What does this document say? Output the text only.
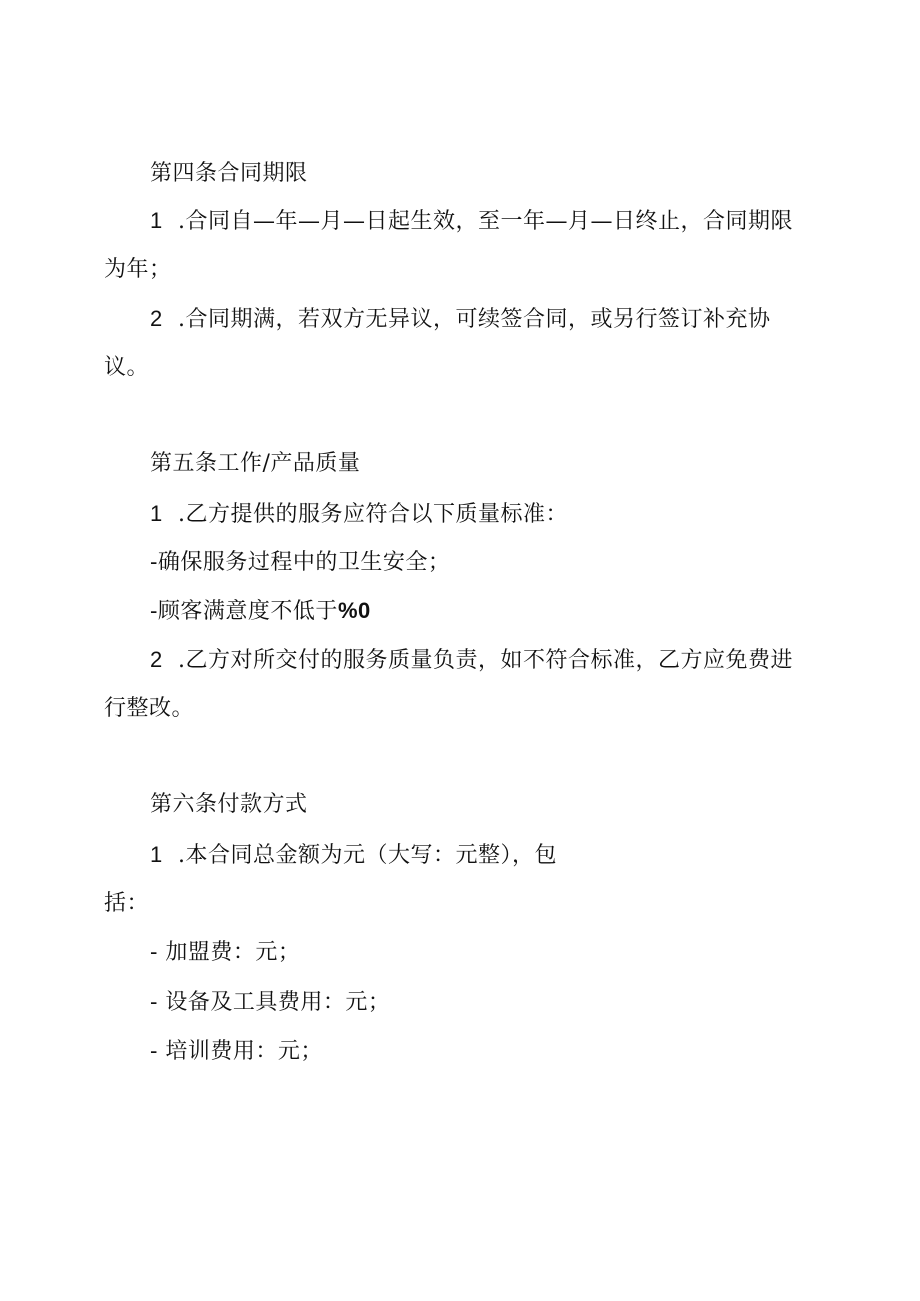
第四条合同期限
1 .合同自—年—月—日起生效，至一年—月—日终止，合同期限
为年；
2 .合同期满，若双方无异议，可续签合同，或另行签订补充协
议。
第五条工作/产品质量
1 .乙方提供的服务应符合以下质量标准：
-确保服务过程中的卫生安全；
-顾客满意度不低于%0
2 .乙方对所交付的服务质量负责，如不符合标准，乙方应免费进
行整改。
第六条付款方式
1 .本合同总金额为元（大写：元整），包
括：
- 加盟费：元；
- 设备及工具费用：元；
- 培训费用：元；
